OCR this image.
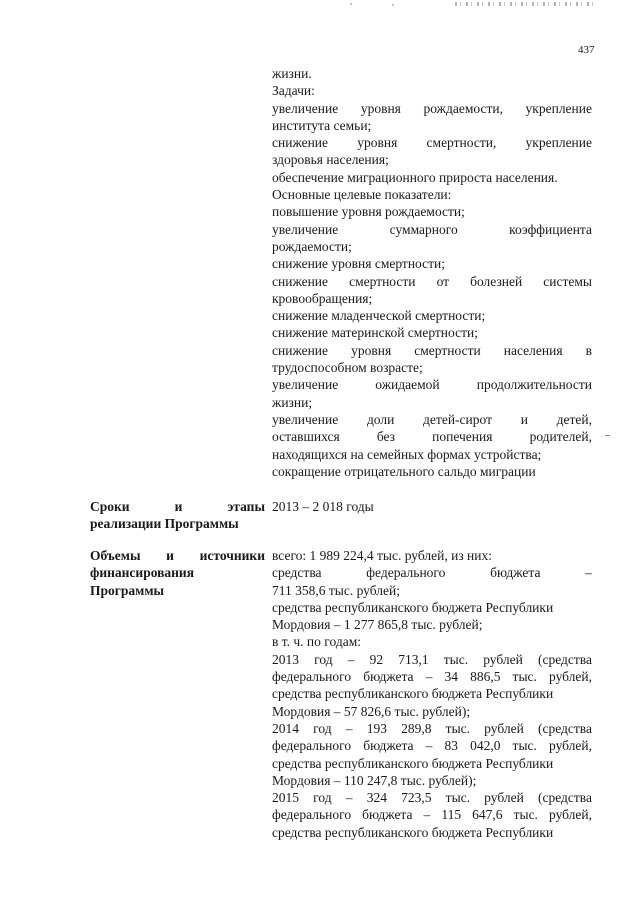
437
жизни.
Задачи:
увеличение уровня рождаемости, укрепление
института семьи;
снижение уровня смертности, укрепление
здоровья населения;
обеспечение миграционного прироста населения.
Основные целевые показатели:
повышение уровня рождаемости;
увеличение суммарного коэффициента
рождаемости;
снижение уровня смертности;
снижение смертности от болезней системы
кровообращения;
снижение младенческой смертности;
снижение материнской смертности;
снижение уровня смертности населения в
трудоспособном возрасте;
увеличение ожидаемой продолжительности
жизни;
увеличение доли детей-сирот и детей,
оставшихся без попечения родителей,
находящихся на семейных формах устройства;
сокращение отрицательного сальдо миграции
Сроки и этапы
реализации Программы
2013 – 2 018 годы
Объемы и источники
финансирования
Программы
всего: 1 989 224,4 тыс. рублей, из них:
средства федерального бюджета –
711 358,6 тыс. рублей;
средства республиканского бюджета Республики
Мордовия – 1 277 865,8 тыс. рублей;
в т. ч. по годам:
2013 год – 92 713,1 тыс. рублей (средства
федерального бюджета – 34 886,5 тыс. рублей,
средства республиканского бюджета Республики
Мордовия – 57 826,6 тыс. рублей);
2014 год – 193 289,8 тыс. рублей (средства
федерального бюджета – 83 042,0 тыс. рублей,
средства республиканского бюджета Республики
Мордовия – 110 247,8 тыс. рублей);
2015 год – 324 723,5 тыс. рублей (средства
федерального бюджета – 115 647,6 тыс. рублей,
средства республиканского бюджета Республики
